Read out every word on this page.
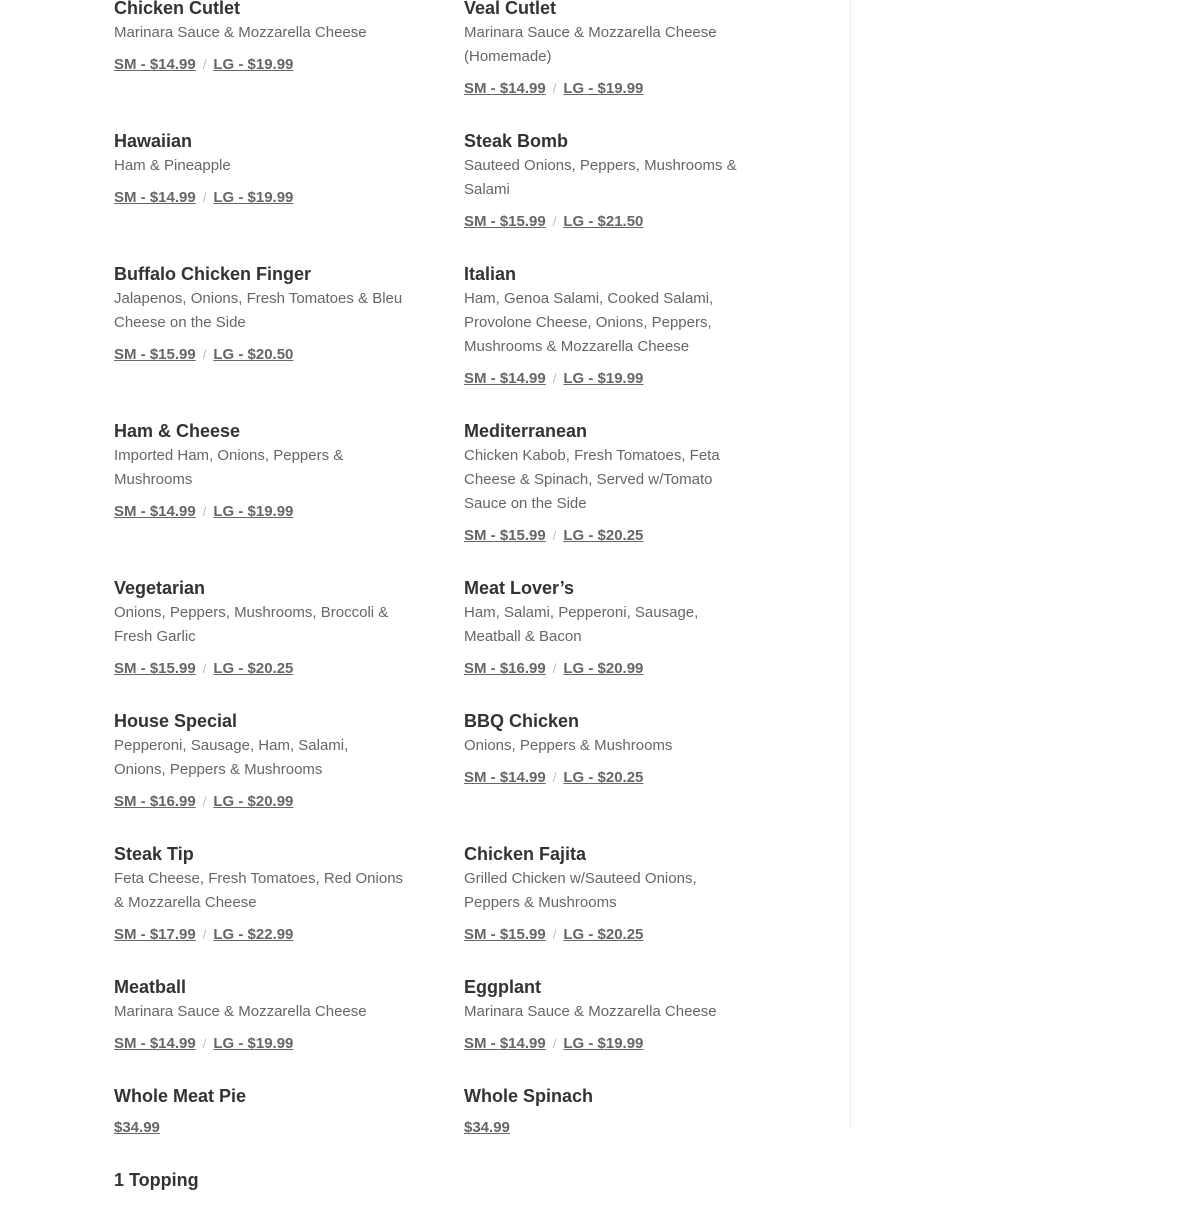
Chicken Cutlet
Marinara Sauce & Mozzarella Cheese
SM - $14.99 / LG - $19.99
Veal Cutlet
Marinara Sauce & Mozzarella Cheese (Homemade)
SM - $14.99 / LG - $19.99
Hawaiian
Ham & Pineapple
SM - $14.99 / LG - $19.99
Steak Bomb
Sauteed Onions, Peppers, Mushrooms & Salami
SM - $15.99 / LG - $21.50
Buffalo Chicken Finger
Jalapenos, Onions, Fresh Tomatoes & Bleu Cheese on the Side
SM - $15.99 / LG - $20.50
Italian
Ham, Genoa Salami, Cooked Salami, Provolone Cheese, Onions, Peppers, Mushrooms & Mozzarella Cheese
SM - $14.99 / LG - $19.99
Ham & Cheese
Imported Ham, Onions, Peppers & Mushrooms
SM - $14.99 / LG - $19.99
Mediterranean
Chicken Kabob, Fresh Tomatoes, Feta Cheese & Spinach, Served w/Tomato Sauce on the Side
SM - $15.99 / LG - $20.25
Vegetarian
Onions, Peppers, Mushrooms, Broccoli & Fresh Garlic
SM - $15.99 / LG - $20.25
Meat Lover’s
Ham, Salami, Pepperoni, Sausage, Meatball & Bacon
SM - $16.99 / LG - $20.99
House Special
Pepperoni, Sausage, Ham, Salami, Onions, Peppers & Mushrooms
SM - $16.99 / LG - $20.99
BBQ Chicken
Onions, Peppers & Mushrooms
SM - $14.99 / LG - $20.25
Steak Tip
Feta Cheese, Fresh Tomatoes, Red Onions & Mozzarella Cheese
SM - $17.99 / LG - $22.99
Chicken Fajita
Grilled Chicken w/Sauteed Onions, Peppers & Mushrooms
SM - $15.99 / LG - $20.25
Meatball
Marinara Sauce & Mozzarella Cheese
SM - $14.99 / LG - $19.99
Eggplant
Marinara Sauce & Mozzarella Cheese
SM - $14.99 / LG - $19.99
Whole Meat Pie
$34.99
Whole Spinach
$34.99
1 Topping
